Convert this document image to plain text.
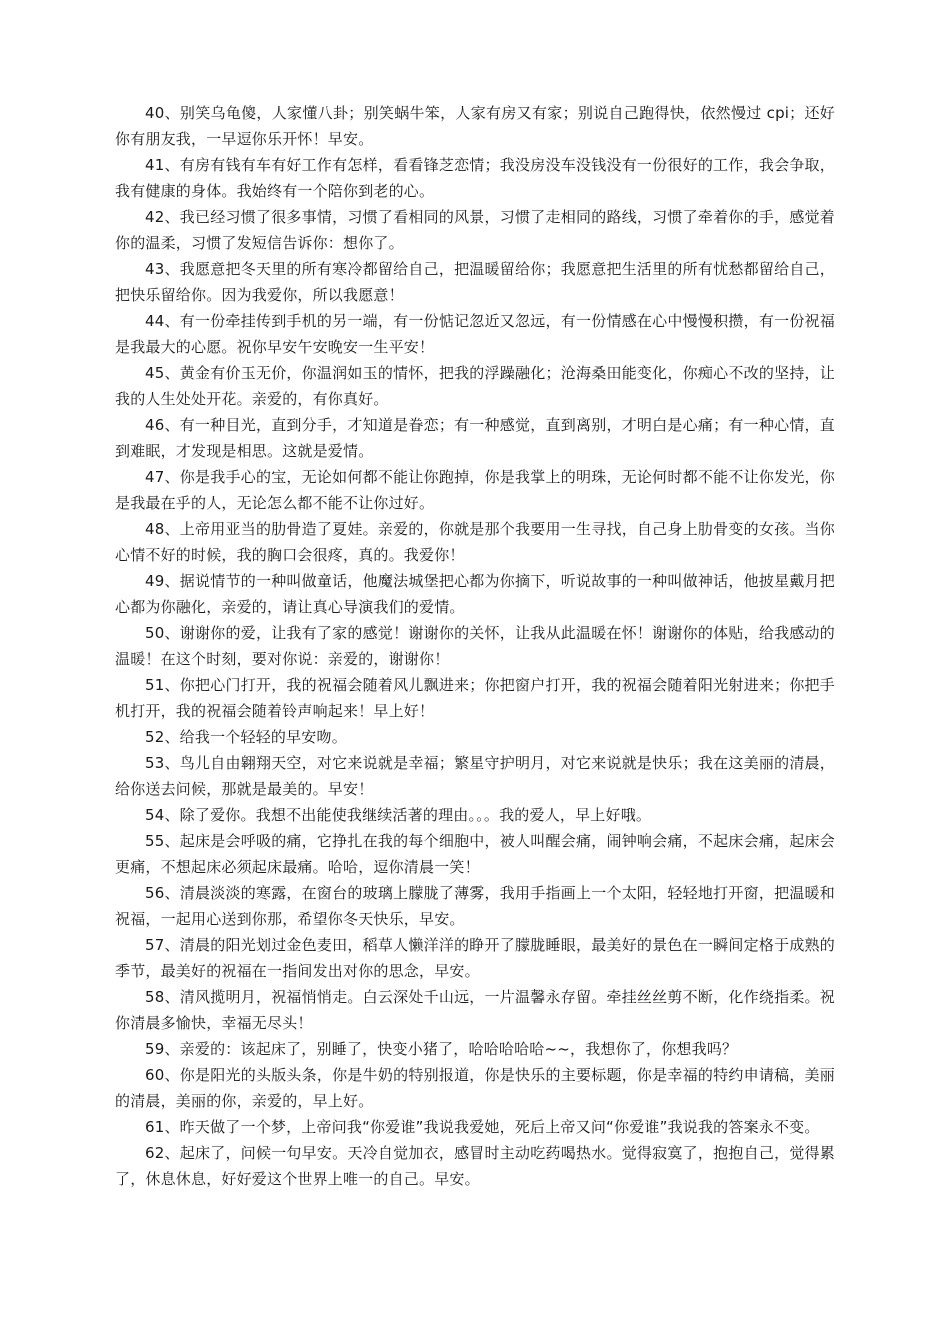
40、别笑乌龟傻，人家懂八卦；别笑蜗牛笨，人家有房又有家；别说自己跑得快，依然慢过 cpi；还好你有朋友我，一早逗你乐开怀！早安。

41、有房有钱有车有好工作有怎样，看看锋芝恋情；我没房没车没钱没有一份很好的工作，我会争取，我有健康的身体。我始终有一个陪你到老的心。

42、我已经习惯了很多事情，习惯了看相同的风景，习惯了走相同的路线，习惯了牵着你的手，感觉着你的温柔，习惯了发短信告诉你：想你了。

43、我愿意把冬天里的所有寒冷都留给自己，把温暖留给你；我愿意把生活里的所有忧愁都留给自己，把快乐留给你。因为我爱你，所以我愿意！

44、有一份牵挂传到手机的另一端，有一份惦记忽近又忽远，有一份情感在心中慢慢积攒，有一份祝福是我最大的心愿。祝你早安午安晚安一生平安！

45、黄金有价玉无价，你温润如玉的情怀，把我的浮躁融化；沧海桑田能变化，你痴心不改的坚持，让我的人生处处开花。亲爱的，有你真好。

46、有一种目光，直到分手，才知道是眷恋；有一种感觉，直到离别，才明白是心痛；有一种心情，直到难眠，才发现是相思。这就是爱情。

47、你是我手心的宝，无论如何都不能让你跑掉，你是我掌上的明珠，无论何时都不能不让你发光，你是我最在乎的人，无论怎么都不能不让你过好。

48、上帝用亚当的肋骨造了夏娃。亲爱的，你就是那个我要用一生寻找，自己身上肋骨变的女孩。当你心情不好的时候，我的胸口会很疼，真的。我爱你！

49、据说情节的一种叫做童话，他魔法城堡把心都为你摘下，听说故事的一种叫做神话，他披星戴月把心都为你融化，亲爱的，请让真心导演我们的爱情。

50、谢谢你的爱，让我有了家的感觉！谢谢你的关怀，让我从此温暖在怀！谢谢你的体贴，给我感动的温暖！在这个时刻，要对你说：亲爱的，谢谢你！

51、你把心门打开，我的祝福会随着风儿飘进来；你把窗户打开，我的祝福会随着阳光射进来；你把手机打开，我的祝福会随着铃声响起来！早上好！

52、给我一个轻轻的早安吻。

53、鸟儿自由翱翔天空，对它来说就是幸福；繁星守护明月，对它来说就是快乐；我在这美丽的清晨，给你送去问候，那就是最美的。早安！

54、除了爱你。我想不出能使我继续活著的理由。。。我的爱人，早上好哦。

55、起床是会呼吸的痛，它挣扎在我的每个细胞中，被人叫醒会痛，闹钟响会痛，不起床会痛，起床会更痛，不想起床必须起床最痛。哈哈，逗你清晨一笑！

56、清晨淡淡的寒露，在窗台的玻璃上朦胧了薄雾，我用手指画上一个太阳，轻轻地打开窗，把温暖和祝福，一起用心送到你那，希望你冬天快乐，早安。

57、清晨的阳光划过金色麦田，稻草人懒洋洋的睁开了朦胧睡眼，最美好的景色在一瞬间定格于成熟的季节，最美好的祝福在一指间发出对你的思念，早安。

58、清风揽明月，祝福悄悄走。白云深处千山远，一片温馨永存留。牵挂丝丝剪不断，化作绕指柔。祝你清晨多愉快，幸福无尽头！

59、亲爱的：该起床了，别睡了，快变小猪了，哈哈哈哈哈~~，我想你了，你想我吗？

60、你是阳光的头版头条，你是牛奶的特别报道，你是快乐的主要标题，你是幸福的特约申请稿，美丽的清晨，美丽的你，亲爱的，早上好。

61、昨天做了一个梦，上帝问我“你爱谁”我说我爱她，死后上帝又问“你爱谁”我说我的答案永不变。

62、起床了，问候一句早安。天冷自觉加衣，感冒时主动吃药喝热水。觉得寂寞了，抱抱自己，觉得累了，休息休息，好好爱这个世界上唯一的自己。早安。
